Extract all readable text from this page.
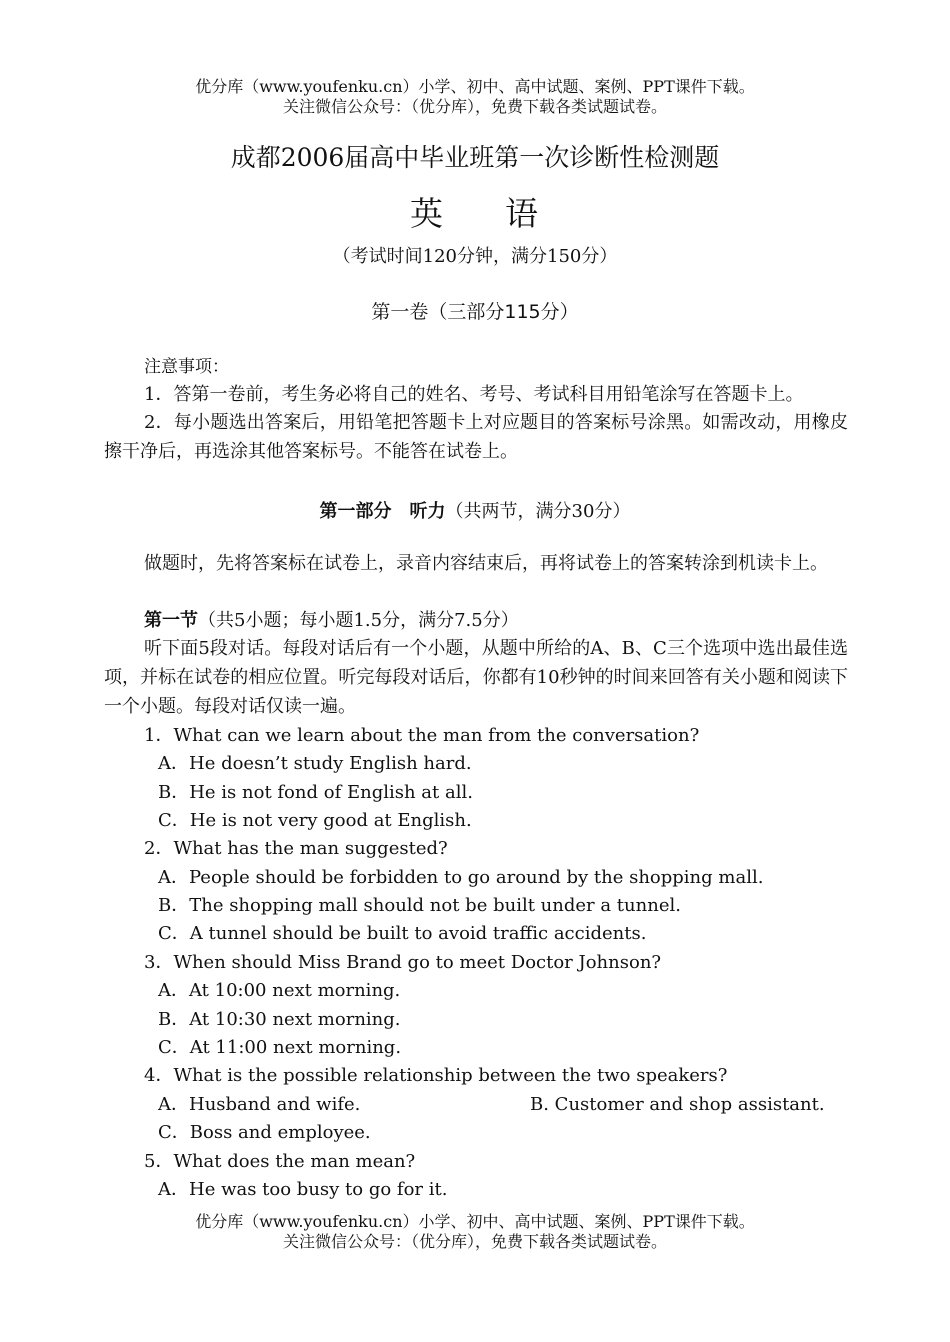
优分库（www.youfenku.cn）小学、初中、高中试题、案例、PPT课件下载。
关注微信公众号：（优分库），免费下载各类试题试卷。
成都2006届高中毕业班第一次诊断性检测题
英 语
（考试时间120分钟，满分150分）
第一卷（三部分115分）
注意事项：
1．答第一卷前，考生务必将自己的姓名、考号、考试科目用铅笔涂写在答题卡上。
2．每小题选出答案后，用铅笔把答题卡上对应题目的答案标号涂黑。如需改动，用橡皮擦干净后，再选涂其他答案标号。不能答在试卷上。
第一部分　听力（共两节，满分30分）
做题时，先将答案标在试卷上，录音内容结束后，再将试卷上的答案转涂到机读卡上。
第一节（共5小题；每小题1.5分，满分7.5分）
听下面5段对话。每段对话后有一个小题，从题中所给的A、B、C三个选项中选出最佳选项，并标在试卷的相应位置。听完每段对话后，你都有10秒钟的时间来回答有关小题和阅读下一个小题。每段对话仅读一遍。
1．What can we learn about the man from the conversation?
A．He doesn’t study English hard.
B．He is not fond of English at all.
C．He is not very good at English.
2．What has the man suggested?
A．People should be forbidden to go around by the shopping mall.
B．The shopping mall should not be built under a tunnel.
C．A tunnel should be built to avoid traffic accidents.
3．When should Miss Brand go to meet Doctor Johnson?
A．At 10:00 next morning.
B．At 10:30 next morning.
C．At 11:00 next morning.
4．What is the possible relationship between the two speakers?
A．Husband and wife.	B. Customer and shop assistant.
C．Boss and employee.
5．What does the man mean?
A．He was too busy to go for it.
优分库（www.youfenku.cn）小学、初中、高中试题、案例、PPT课件下载。
关注微信公众号：（优分库），免费下载各类试题试卷。
